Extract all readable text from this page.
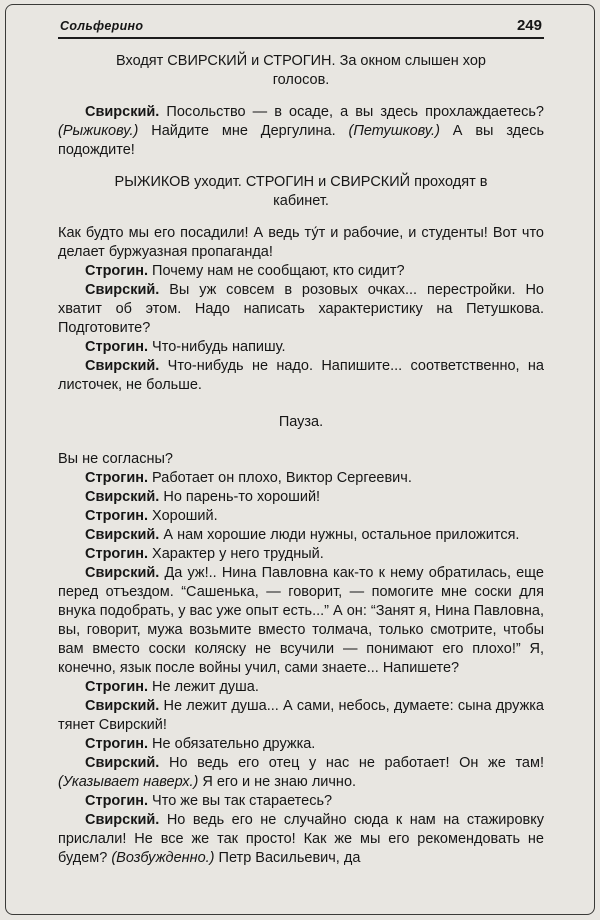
Сольферино	249

Входят СВИРСКИЙ и СТРОГИН. За окном слышен хор голосов.

Свирский. Посольство — в осаде, а вы здесь прохлаждаетесь? (Рыжикову.) Найдите мне Дергулина. (Петушкову.) А вы здесь подождите!

РЫЖИКОВ уходит. СТРОГИН и СВИРСКИЙ проходят в кабинет.

Как будто мы его посадили! А ведь ту́т и рабочие, и студенты! Вот что делает буржуазная пропаганда!

Строгин. Почему нам не сообщают, кто сидит?

Свирский. Вы уж совсем в розовых очках... перестройки. Но хватит об этом. Надо написать характеристику на Петушкова. Подготовите?

Строгин. Что-нибудь напишу.

Свирский. Что-нибудь не надо. Напишите... соответственно, на листочек, не больше.

Пауза.

Вы не согласны?

Строгин. Работает он плохо, Виктор Сергеевич.

Свирский. Но парень-то хороший!

Строгин. Хороший.

Свирский. А нам хорошие люди нужны, остальное приложится.

Строгин. Характер у него трудный.

Свирский. Да уж!.. Нина Павловна как-то к нему обратилась, еще перед отъездом. “Сашенька, — говорит, — помогите мне соски для внука подобрать, у вас уже опыт есть...” А он: “Занят я, Нина Павловна, вы, говорит, мужа возьмите вместо толмача, только смотрите, чтобы вам вместо соски коляску не всучили — понимают его плохо!” Я, конечно, язык после войны учил, сами знаете... Напишете?

Строгин. Не лежит душа.

Свирский. Не лежит душа... А сами, небось, думаете: сына дружка тянет Свирский!

Строгин. Не обязательно дружка.

Свирский. Но ведь его отец у нас не работает! Он же там! (Указывает наверх.) Я его и не знаю лично.

Строгин. Что же вы так стараетесь?

Свирский. Но ведь его не случайно сюда к нам на стажировку прислали! Не все же так просто! Как же мы его рекомендовать не будем? (Возбужденно.) Петр Васильевич, да
